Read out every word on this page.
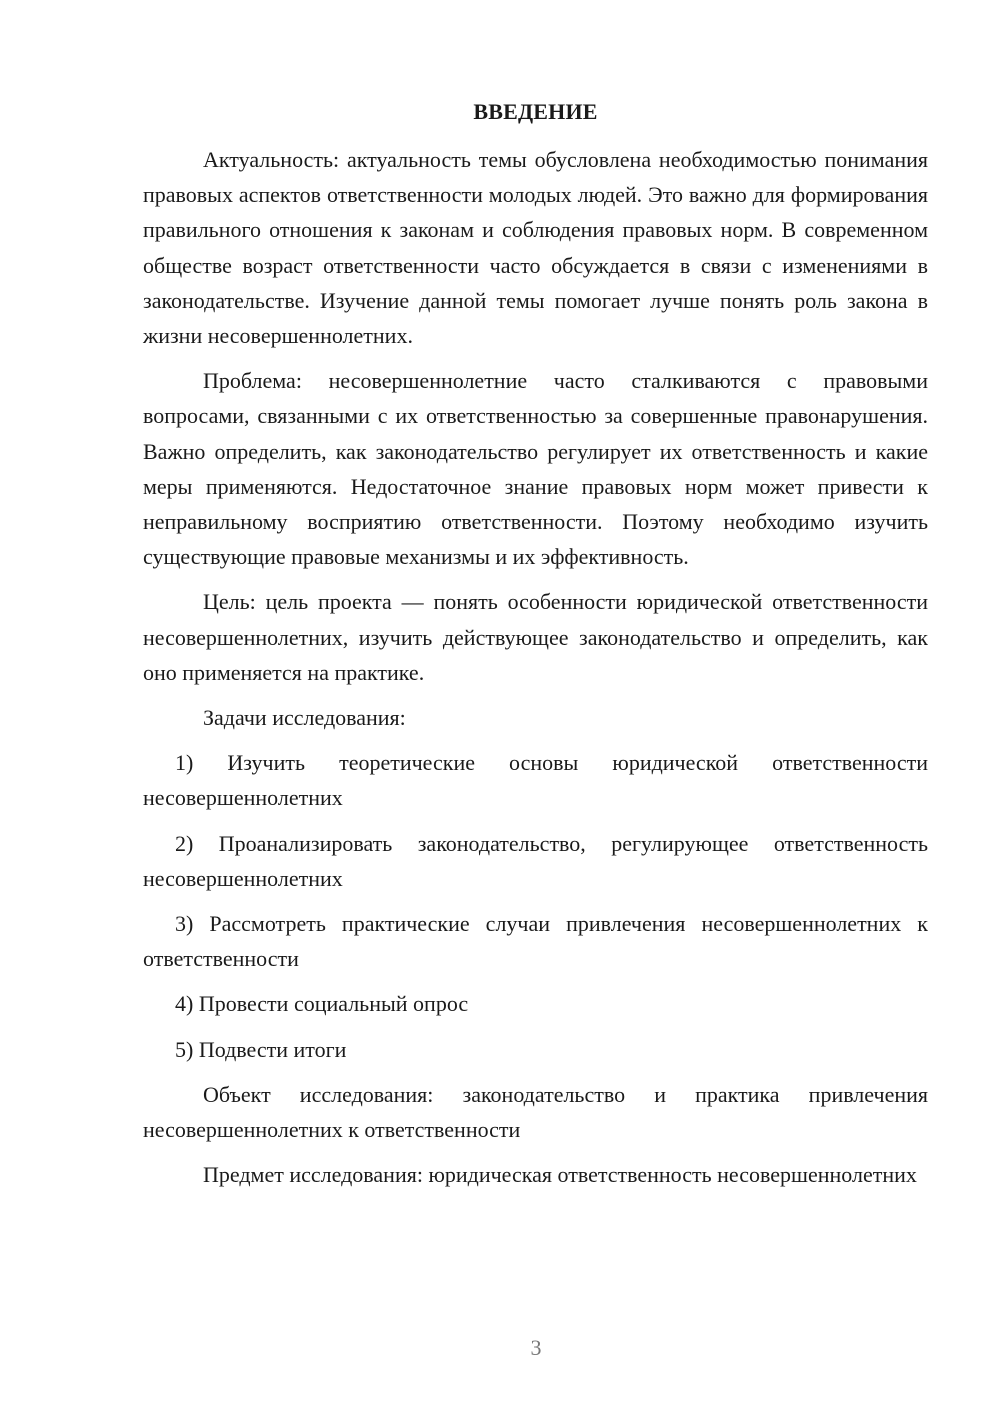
ВВЕДЕНИЕ

Актуальность: актуальность темы обусловлена необходимостью понимания правовых аспектов ответственности молодых людей. Это важно для формирования правильного отношения к законам и соблюдения правовых норм. В современном обществе возраст ответственности часто обсуждается в связи с изменениями в законодательстве. Изучение данной темы помогает лучше понять роль закона в жизни несовершеннолетних.

Проблема: несовершеннолетние часто сталкиваются с правовыми вопросами, связанными с их ответственностью за совершенные правонарушения. Важно определить, как законодательство регулирует их ответственность и какие меры применяются. Недостаточное знание правовых норм может привести к неправильному восприятию ответственности. Поэтому необходимо изучить существующие правовые механизмы и их эффективность.

Цель: цель проекта — понять особенности юридической ответственности несовершеннолетних, изучить действующее законодательство и определить, как оно применяется на практике.

Задачи исследования:

1) Изучить теоретические основы юридической ответственности несовершеннолетних

2) Проанализировать законодательство, регулирующее ответственность несовершеннолетних

3) Рассмотреть практические случаи привлечения несовершеннолетних к ответственности

4) Провести социальный опрос

5) Подвести итоги

Объект исследования: законодательство и практика привлечения несовершеннолетних к ответственности

Предмет исследования: юридическая ответственность несовершеннолетних

3
